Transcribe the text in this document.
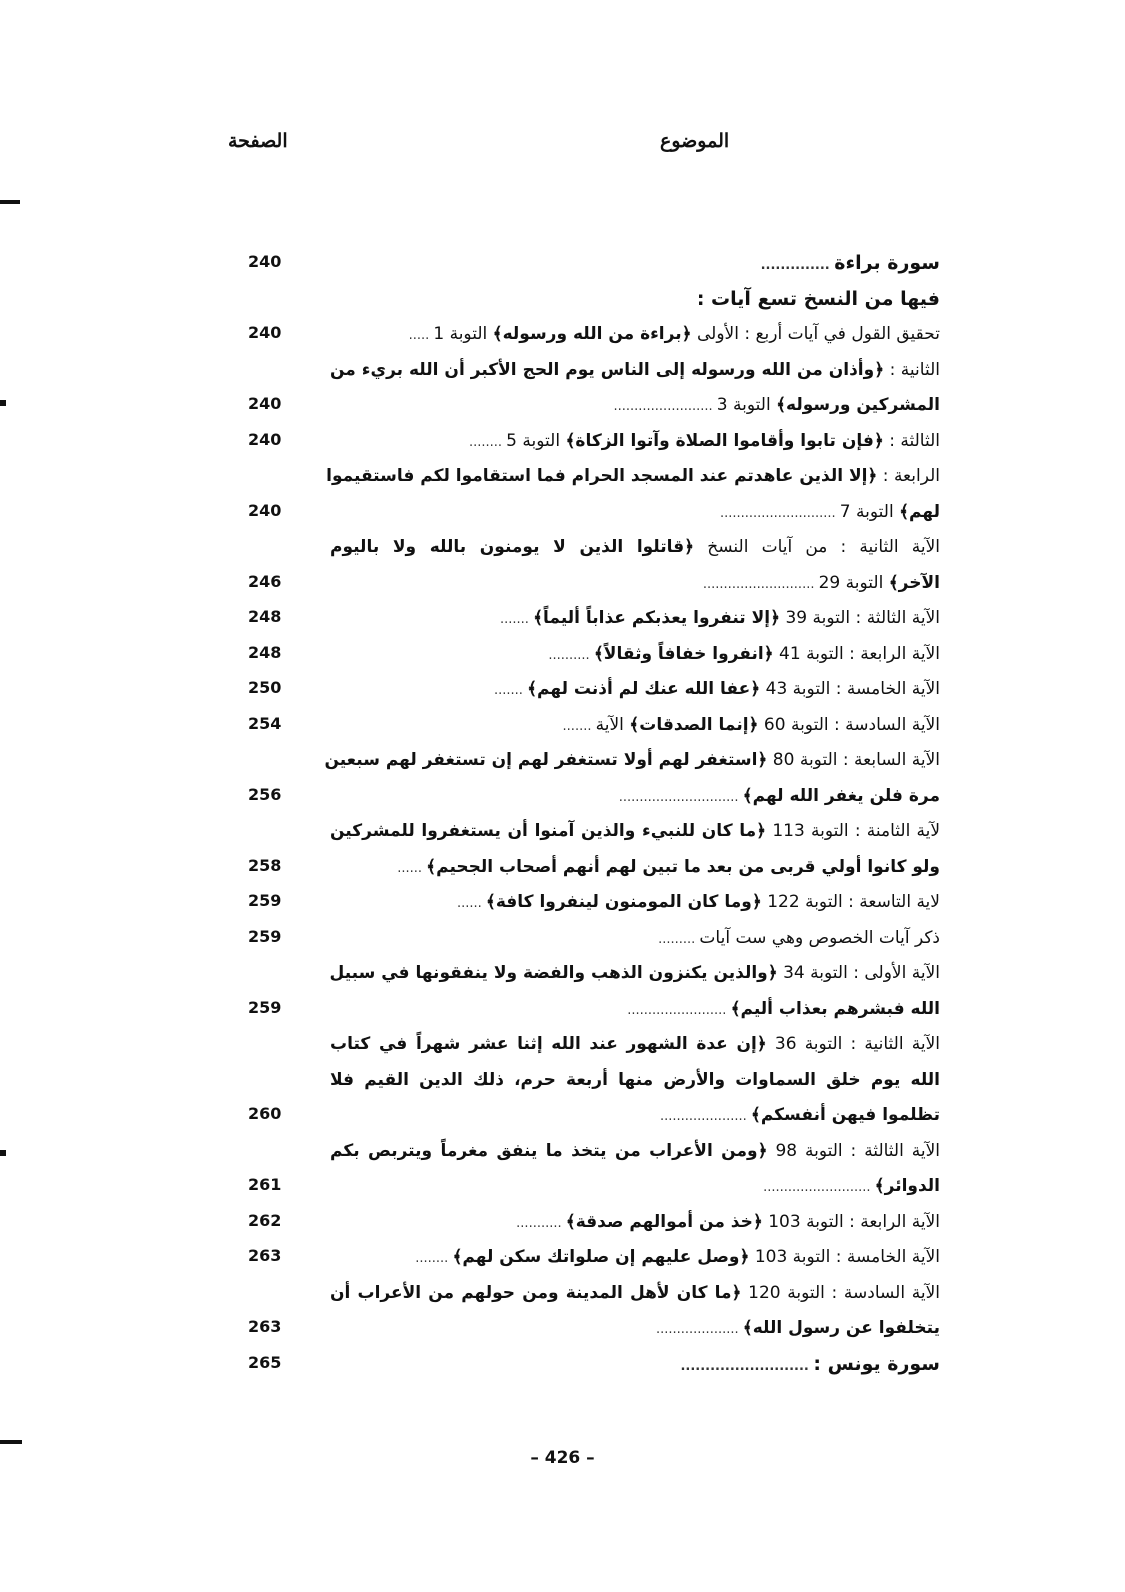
الموضوع
الصفحة
سورة براءة ..............
240
فيها من النسخ تسع آيات :
تحقيق القول في آيات أربع : الأولى ﴿براءة من الله ورسوله﴾ التوبة 1 .....
240
الثانية : ﴿وأذان من الله ورسوله إلى الناس يوم الحج الأكبر أن الله بريء من
المشركين ورسوله﴾ التوبة 3 ........................
240
الثالثة : ﴿فإن تابوا وأقاموا الصلاة وآتوا الزكاة﴾ التوبة 5 ........
240
الرابعة : ﴿إلا الذين عاهدتم عند المسجد الحرام فما استقاموا لكم فاستقيموا
لهم﴾ التوبة 7 ............................
240
الآية الثانية : من آيات النسخ ﴿قاتلوا الذين لا يومنون بالله ولا باليوم
الآخر﴾ التوبة 29 ...........................
246
الآية الثالثة : التوبة 39 ﴿إلا تنفروا يعذبكم عذاباً أليماً﴾ .......
248
الآية الرابعة : التوبة 41 ﴿انفروا خفافاً وثقالاً﴾ ..........
248
الآية الخامسة : التوبة 43 ﴿عفا الله عنك لم أذنت لهم﴾ .......
250
الآية السادسة : التوبة 60 ﴿إنما الصدقات﴾ الآية .......
254
الآية السابعة : التوبة 80 ﴿استغفر لهم أولا تستغفر لهم إن تستغفر لهم سبعين
مرة فلن يغفر الله لهم﴾ .............................
256
لآية الثامنة : التوبة 113 ﴿ما كان للنبيء والذين آمنوا أن يستغفروا للمشركين
ولو كانوا أولي قربى من بعد ما تبين لهم أنهم أصحاب الجحيم﴾ ......
258
لاية التاسعة : التوبة 122 ﴿وما كان المومنون لينفروا كافة﴾ ......
259
ذكر آيات الخصوص وهي ست آيات .........
259
الآية الأولى : التوبة 34 ﴿والذين يكنزون الذهب والفضة ولا ينفقونها في سبيل
الله فبشرهم بعذاب أليم﴾ ........................
259
الآية الثانية : التوبة 36 ﴿إن عدة الشهور عند الله إثنا عشر شهراً في كتاب
الله يوم خلق السماوات والأرض منها أربعة حرم، ذلك الدين القيم فلا
تظلموا فيهن أنفسكم﴾ .....................
260
الآية الثالثة : التوبة 98 ﴿ومن الأعراب من يتخذ ما ينفق مغرماً ويتربص بكم
الدوائر﴾ ..........................
261
الآية الرابعة : التوبة 103 ﴿خذ من أموالهم صدقة﴾ ...........
262
الآية الخامسة : التوبة 103 ﴿وصل عليهم إن صلواتك سكن لهم﴾ ........
263
الآية السادسة : التوبة 120 ﴿ما كان لأهل المدينة ومن حولهم من الأعراب أن
يتخلفوا عن رسول الله﴾ ....................
263
سورة يونس : ..........................
265
– 426 –
